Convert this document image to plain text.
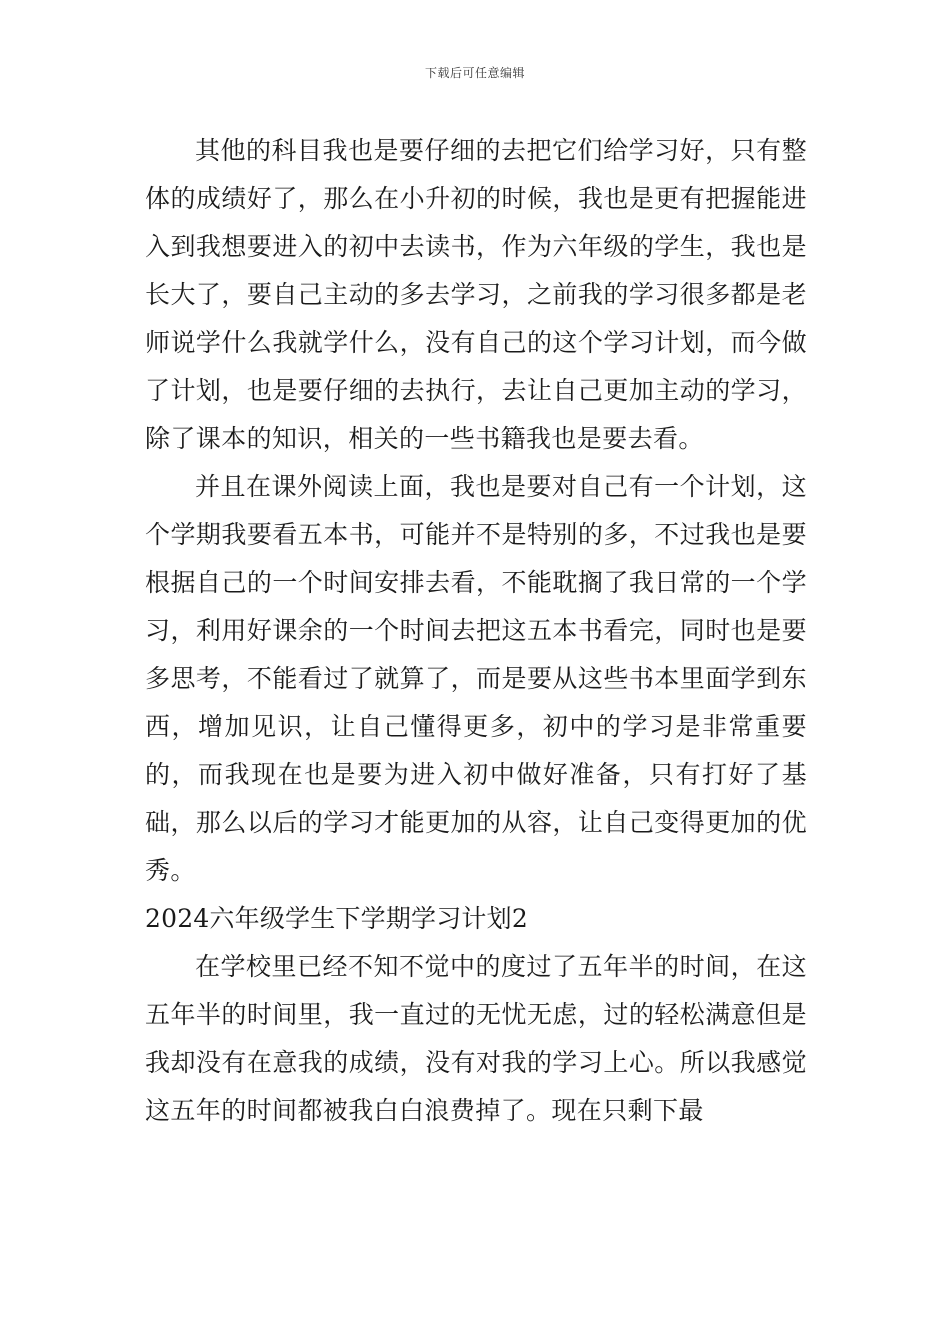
下载后可任意编辑

其他的科目我也是要仔细的去把它们给学习好，只有整体的成绩好了，那么在小升初的时候，我也是更有把握能进入到我想要进入的初中去读书，作为六年级的学生，我也是长大了，要自己主动的多去学习，之前我的学习很多都是老师说学什么我就学什么，没有自己的这个学习计划，而今做了计划，也是要仔细的去执行，去让自己更加主动的学习，除了课本的知识，相关的一些书籍我也是要去看。

并且在课外阅读上面，我也是要对自己有一个计划，这个学期我要看五本书，可能并不是特别的多，不过我也是要根据自己的一个时间安排去看，不能耽搁了我日常的一个学习，利用好课余的一个时间去把这五本书看完，同时也是要多思考，不能看过了就算了，而是要从这些书本里面学到东西，增加见识，让自己懂得更多，初中的学习是非常重要的，而我现在也是要为进入初中做好准备，只有打好了基础，那么以后的学习才能更加的从容，让自己变得更加的优秀。

2024六年级学生下学期学习计划2

在学校里已经不知不觉中的度过了五年半的时间，在这五年半的时间里，我一直过的无忧无虑，过的轻松满意但是我却没有在意我的成绩，没有对我的学习上心。所以我感觉这五年的时间都被我白白浪费掉了。现在只剩下最
